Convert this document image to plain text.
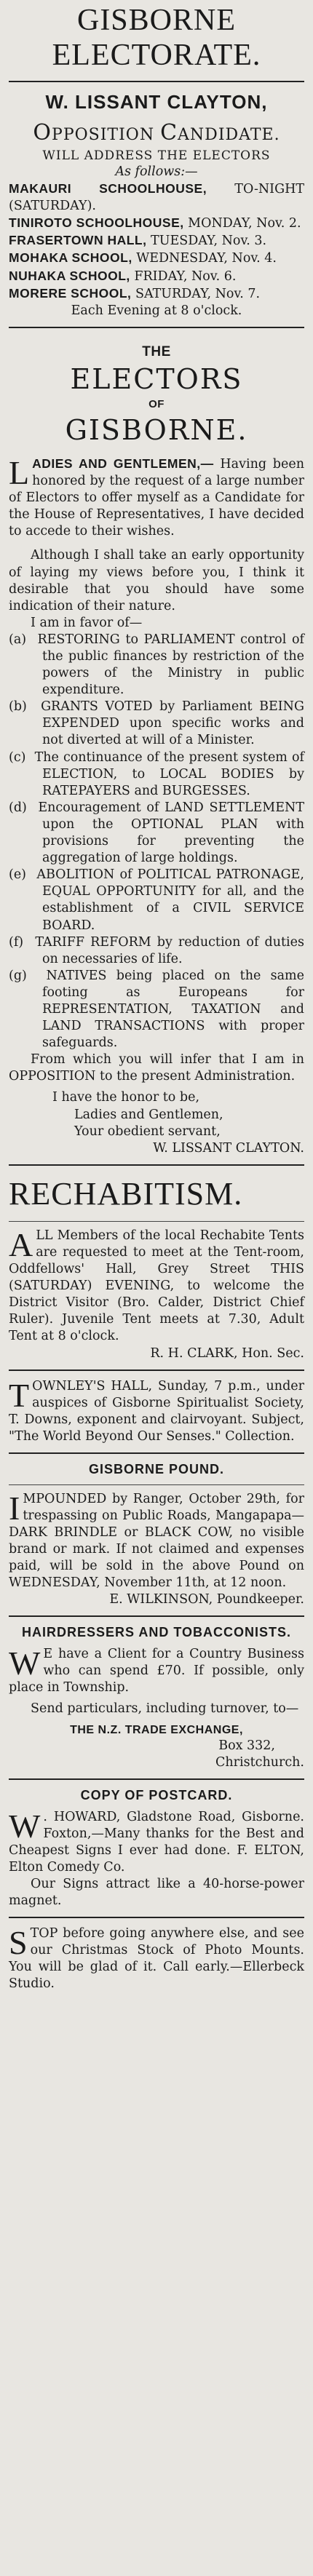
GISBORNE
ELECTORATE.
W. LISSANT CLAYTON,
OPPOSITION CANDIDATE.
WILL ADDRESS THE ELECTORS
As follows:—

MAKAURI SCHOOLHOUSE, TO-NIGHT (SATURDAY).

TINIROTO SCHOOLHOUSE, MONDAY, Nov. 2.

FRASERTOWN HALL, TUESDAY, Nov. 3.

MOHAKA SCHOOL, WEDNESDAY, Nov. 4.

NUHAKA SCHOOL, FRIDAY, Nov. 6.

MORERE SCHOOL, SATURDAY, Nov. 7.

Each Evening at 8 o'clock.
THE
ELECTORS
OF
GISBORNE.
LADIES AND GENTLEMEN,— Having been honored by the request of a large number of Electors to offer myself as a Candidate for the House of Representatives, I have decided to accede to their wishes.

Although I shall take an early opportunity of laying my views before you, I think it desirable that you should have some indication of their nature.

I am in favor of—

(a) RESTORING to PARLIAMENT control of the public finances by restriction of the powers of the Ministry in public expenditure.

(b) GRANTS VOTED by Parliament BEING EXPENDED upon specific works and not diverted at will of a Minister.

(c) The continuance of the present system of ELECTION, to LOCAL BODIES by RATEPAYERS and BURGESSES.

(d) Encouragement of LAND SETTLEMENT upon the OPTIONAL PLAN with provisions for preventing the aggregation of large holdings.

(e) ABOLITION of POLITICAL PATRONAGE, EQUAL OPPORTUNITY for all, and the establishment of a CIVIL SERVICE BOARD.

(f) TARIFF REFORM by reduction of duties on necessaries of life.

(g) NATIVES being placed on the same footing as Europeans for REPRESENTATION, TAXATION and LAND TRANSACTIONS with proper safeguards.

From which you will infer that I am in OPPOSITION to the present Administration.

I have the honor to be,

Ladies and Gentlemen,

Your obedient servant,

W. LISSANT CLAYTON.

RECHABITISM.
ALL Members of the local Rechabite Tents are requested to meet at the Tent-room, Oddfellows' Hall, Grey Street THIS (SATURDAY) EVENING, to welcome the District Visitor (Bro. Calder, District Chief Ruler). Juvenile Tent meets at 7.30, Adult Tent at 8 o'clock.

R. H. CLARK, Hon. Sec.

TOWNLEY'S HALL, Sunday, 7 p.m., under auspices of Gisborne Spiritualist Society, T. Downs, exponent and clairvoyant. Subject, "The World Beyond Our Senses." Collection.
GISBORNE POUND.
IMPOUNDED by Ranger, October 29th, for trespassing on Public Roads, Mangapapa—DARK BRINDLE or BLACK COW, no visible brand or mark. If not claimed and expenses paid, will be sold in the above Pound on WEDNESDAY, November 11th, at 12 noon.

E. WILKINSON, Poundkeeper.

HAIRDRESSERS AND TOBACCONISTS.
W E have a Client for a Country Business who can spend £70. If possible, only place in Township.

Send particulars, including turnover, to—

THE N.Z. TRADE EXCHANGE,

Box 332,

Christchurch.

COPY OF POSTCARD.
W . HOWARD, Gladstone Road, Gisborne. Foxton,—Many thanks for the Best and Cheapest Signs I ever had done. F. ELTON, Elton Comedy Co.

Our Signs attract like a 40-horse-power magnet.

STOP before going anywhere else, and see our Christmas Stock of Photo Mounts. You will be glad of it. Call early.—Ellerbeck Studio.
